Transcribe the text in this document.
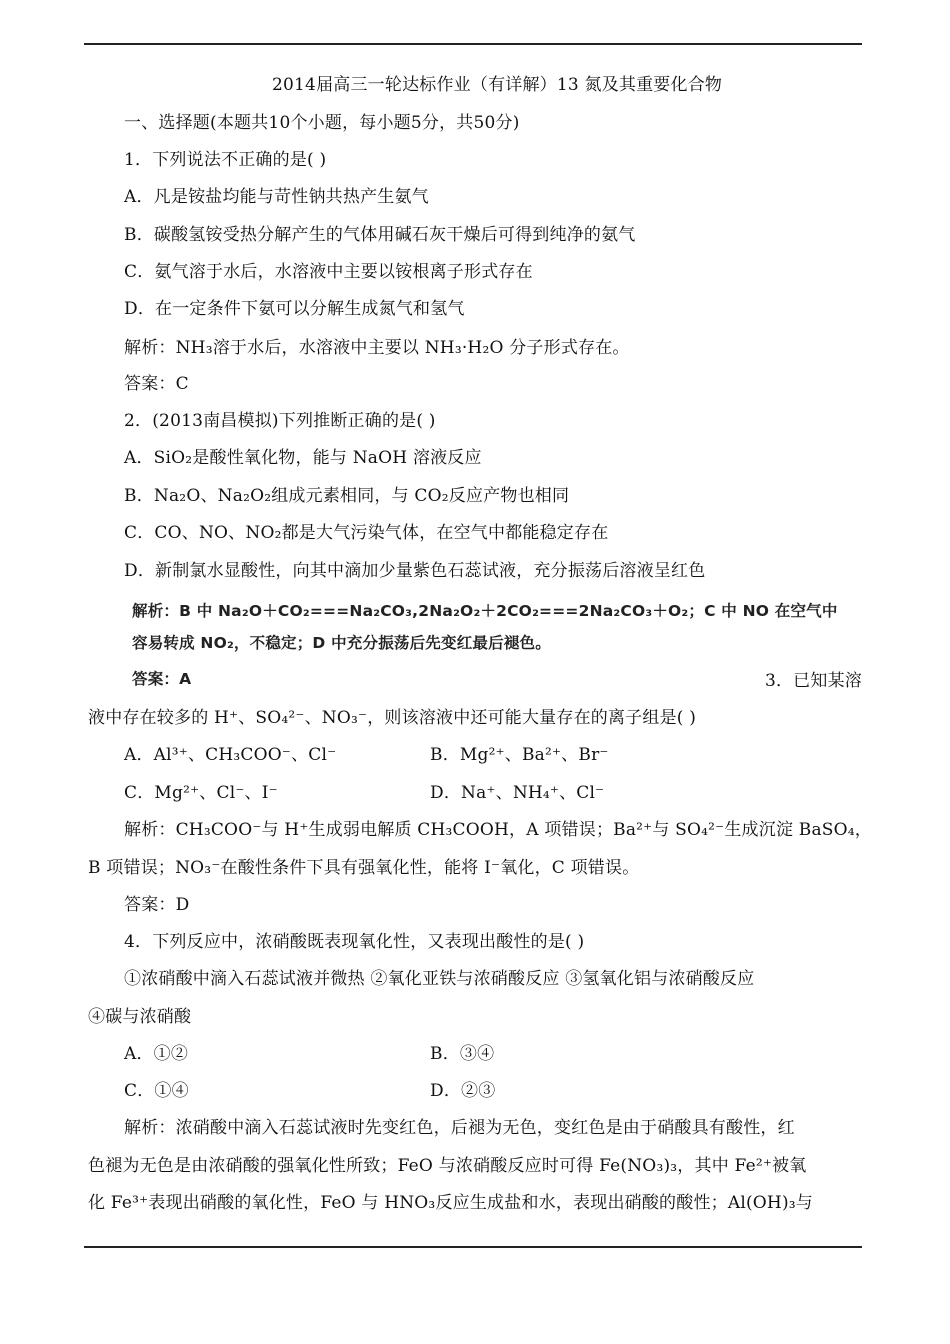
2014届高三一轮达标作业（有详解）13 氮及其重要化合物
一、选择题(本题共10个小题，每小题5分，共50分)
1．下列说法不正确的是( )
A．凡是铵盐均能与苛性钠共热产生氨气
B．碳酸氢铵受热分解产生的气体用碱石灰干燥后可得到纯净的氨气
C．氨气溶于水后，水溶液中主要以铵根离子形式存在
D．在一定条件下氨可以分解生成氮气和氢气
解析：NH₃溶于水后，水溶液中主要以 NH₃·H₂O 分子形式存在。
答案：C
2．(2013南昌模拟)下列推断正确的是( )
A．SiO₂是酸性氧化物，能与 NaOH 溶液反应
B．Na₂O、Na₂O₂组成元素相同，与 CO₂反应产物也相同
C．CO、NO、NO₂都是大气污染气体，在空气中都能稳定存在
D．新制氯水显酸性，向其中滴加少量紫色石蕊试液，充分振荡后溶液呈红色
解析：B 中 Na₂O＋CO₂===Na₂CO₃,2Na₂O₂＋2CO₂===2Na₂CO₃＋O₂；C 中 NO 在空气中
容易转成 NO₂，不稳定；D 中充分振荡后先变红最后褪色。
答案：A	3．已知某溶
液中存在较多的 H⁺、SO₄²⁻、NO₃⁻，则该溶液中还可能大量存在的离子组是( )
A．Al³⁺、CH₃COO⁻、Cl⁻	B．Mg²⁺、Ba²⁺、Br⁻
C．Mg²⁺、Cl⁻、I⁻	D．Na⁺、NH₄⁺、Cl⁻
解析：CH₃COO⁻与 H⁺生成弱电解质 CH₃COOH，A 项错误；Ba²⁺与 SO₄²⁻生成沉淀 BaSO₄，
B 项错误；NO₃⁻在酸性条件下具有强氧化性，能将 I⁻氧化，C 项错误。
答案：D
4．下列反应中，浓硝酸既表现氧化性，又表现出酸性的是( )
①浓硝酸中滴入石蕊试液并微热 ②氧化亚铁与浓硝酸反应 ③氢氧化铝与浓硝酸反应
④碳与浓硝酸
A．①②	B．③④
C．①④	D．②③
解析：浓硝酸中滴入石蕊试液时先变红色，后褪为无色，变红色是由于硝酸具有酸性，红
色褪为无色是由浓硝酸的强氧化性所致；FeO 与浓硝酸反应时可得 Fe(NO₃)₃，其中 Fe²⁺被氧
化 Fe³⁺表现出硝酸的氧化性，FeO 与 HNO₃反应生成盐和水，表现出硝酸的酸性；Al(OH)₃与
